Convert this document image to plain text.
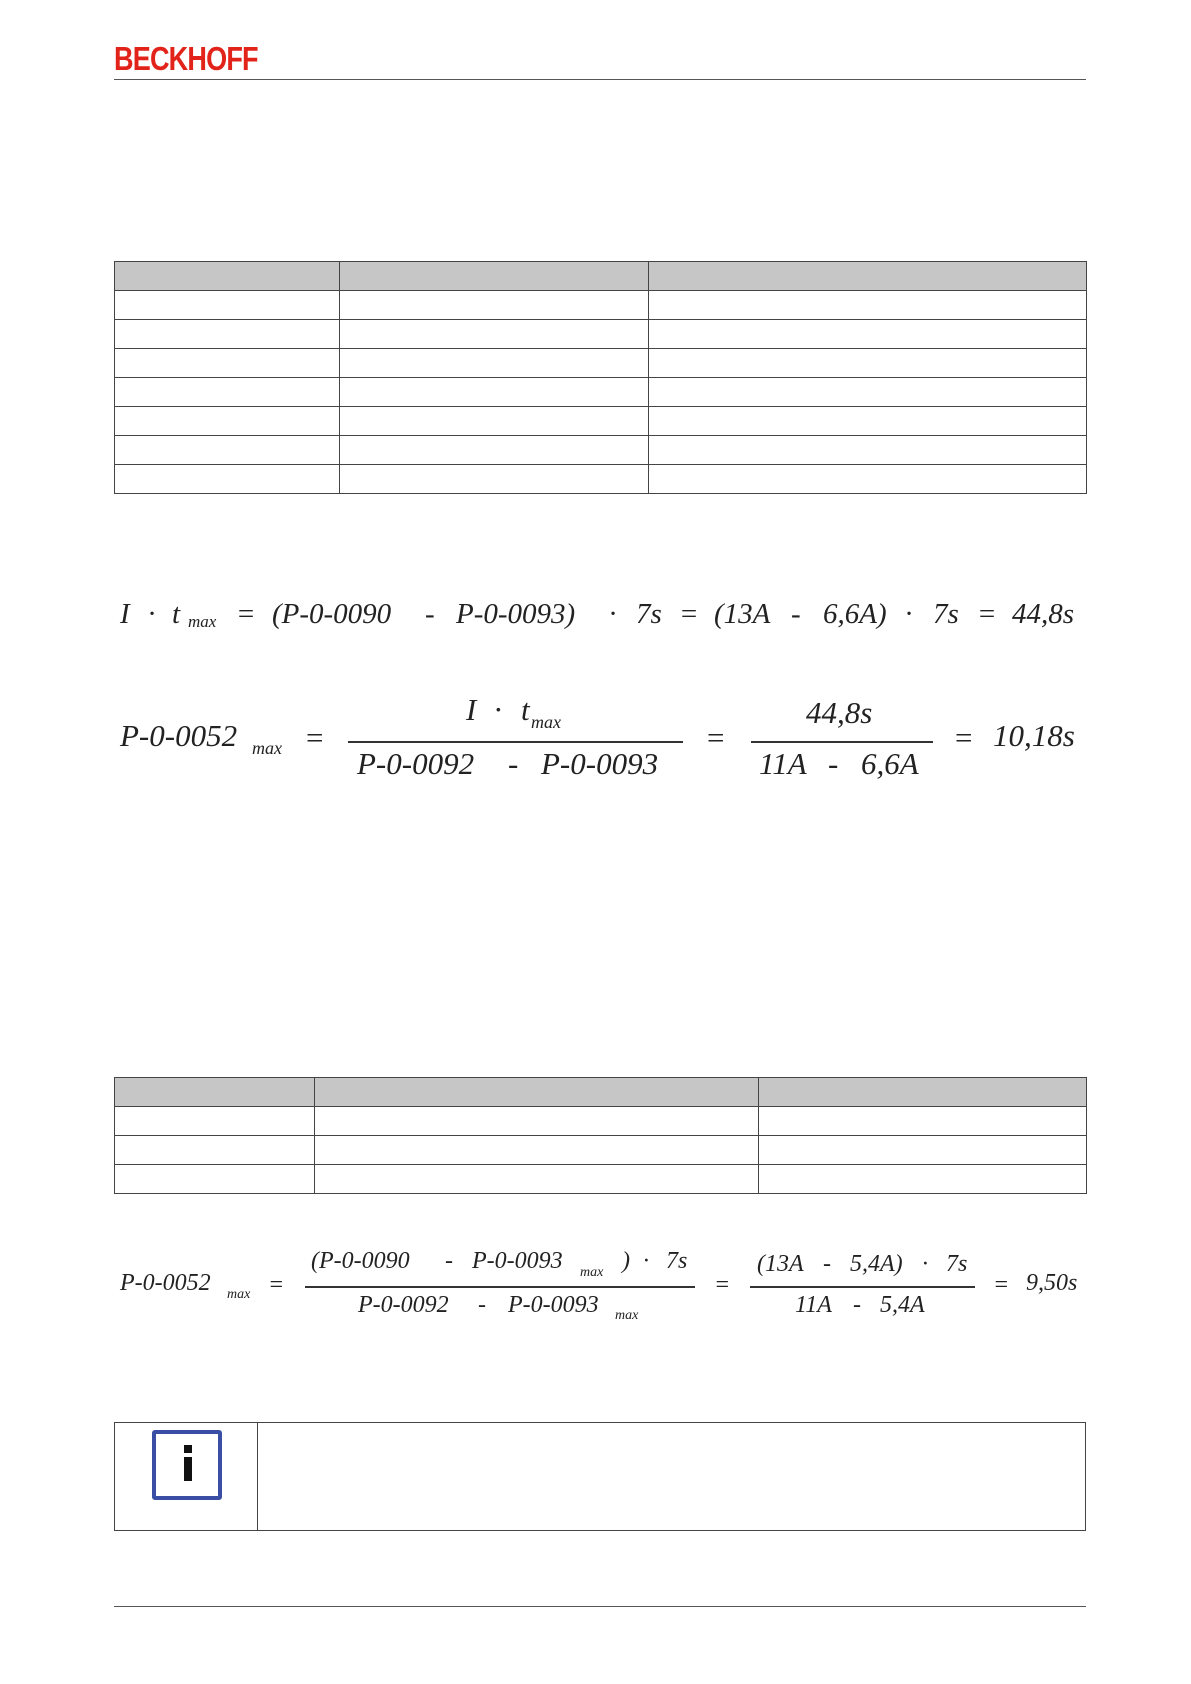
BECKHOFF

I · t max = (P-0-0090 - P-0-0093) · 7s = (13A - 6,6A) · 7s = 44,8s
P-0-0052 max =
I · t max
P-0-0092 - P-0-0093
=
44,8s
11A - 6,6A
= 10,18s

P-0-0052 max =
(P-0-0090 - P-0-0093 max ) · 7s
P-0-0092 - P-0-0093 max
=
(13A - 5,4A) · 7s
11A - 5,4A
= 9,50s
